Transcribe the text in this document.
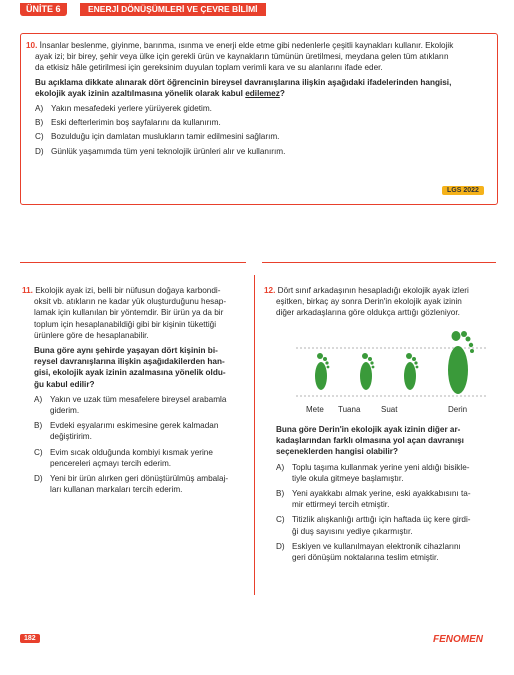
ÜNİTE 6	ENERJİ DÖNÜŞÜMLERİ VE ÇEVRE BİLİMİ
10. İnsanlar beslenme, giyinme, barınma, ısınma ve enerji elde etme gibi nedenlerle çeşitli kaynakları kullanır. Ekolojik
ayak izi; bir birey, şehir veya ülke için gerekli ürün ve kaynakların tümünün üretilmesi, meydana gelen tüm atıkların
da etkisiz hâle getirilmesi için gereksinim duyulan toplam verimli kara ve su alanlarını ifade eder.
Bu açıklama dikkate alınarak dört öğrencinin bireysel davranışlarına ilişkin aşağıdaki ifadelerinden hangisi,
ekolojik ayak izinin azaltılmasına yönelik olarak kabul edilemez?
A) Yakın mesafedeki yerlere yürüyerek gidetim.
B) Eski defterlerimin boş sayfalarını da kullanırım.
C) Bozulduğu için damlatan muslukların tamir edilmesini sağlarım.
D) Günlük yaşamımda tüm yeni teknolojik ürünleri alır ve kullanırım.
LGS 2022
11. Ekolojik ayak izi, belli bir nüfusun doğaya karbondi-
oksit vb. atıkların ne kadar yük oluşturduğunu hesap-
lamak için kullanılan bir yöntemdir. Bir ürün ya da bir
toplum için hesaplanabildiği gibi bir kişinin tükettiği
ürünlere göre de hesaplanabilir.
Buna göre aynı şehirde yaşayan dört kişinin bi-
reysel davranışlarına ilişkin aşağıdakilerden han-
gisi, ekolojik ayak izinin azalmasına yönelik oldu-
ğu kabul edilir?
A) Yakın ve uzak tüm mesafelere bireysel arabamla
giderim.
B) Evdeki eşyalarımı eskimesine gerek kalmadan
değiştiririm.
C) Evim sıcak olduğunda kombiyi kısmak yerine
pencereleri açmayı tercih ederim.
D) Yeni bir ürün alırken geri dönüştürülmüş ambalaj-
ları kullanan markaları tercih ederim.
12. Dört sınıf arkadaşının hesapladığı ekolojik ayak izleri
eşitken, birkaç ay sonra Derin'in ekolojik ayak izinin
diğer arkadaşlarına göre oldukça arttığı gözleniyor.
Mete Tuana	Suat	Derin
Buna göre Derin'in ekolojik ayak izinin diğer ar-
kadaşlarından farklı olmasına yol açan davranışı
seçeneklerden hangisi olabilir?
A) Toplu taşıma kullanmak yerine yeni aldığı bisikle-
tiyle okula gitmeye başlamıştır.
B) Yeni ayakkabı almak yerine, eski ayakkabısını ta-
mir ettirmeyi tercih etmiştir.
C) Titizlik alışkanlığı arttığı için haftada üç kere girdi-
ği duş sayısını yediye çıkarmıştır.
D) Eskiyen ve kullanılmayan elektronik cihazlarını
geri dönüşüm noktalarına teslim etmiştir.
182	FENOMEN
